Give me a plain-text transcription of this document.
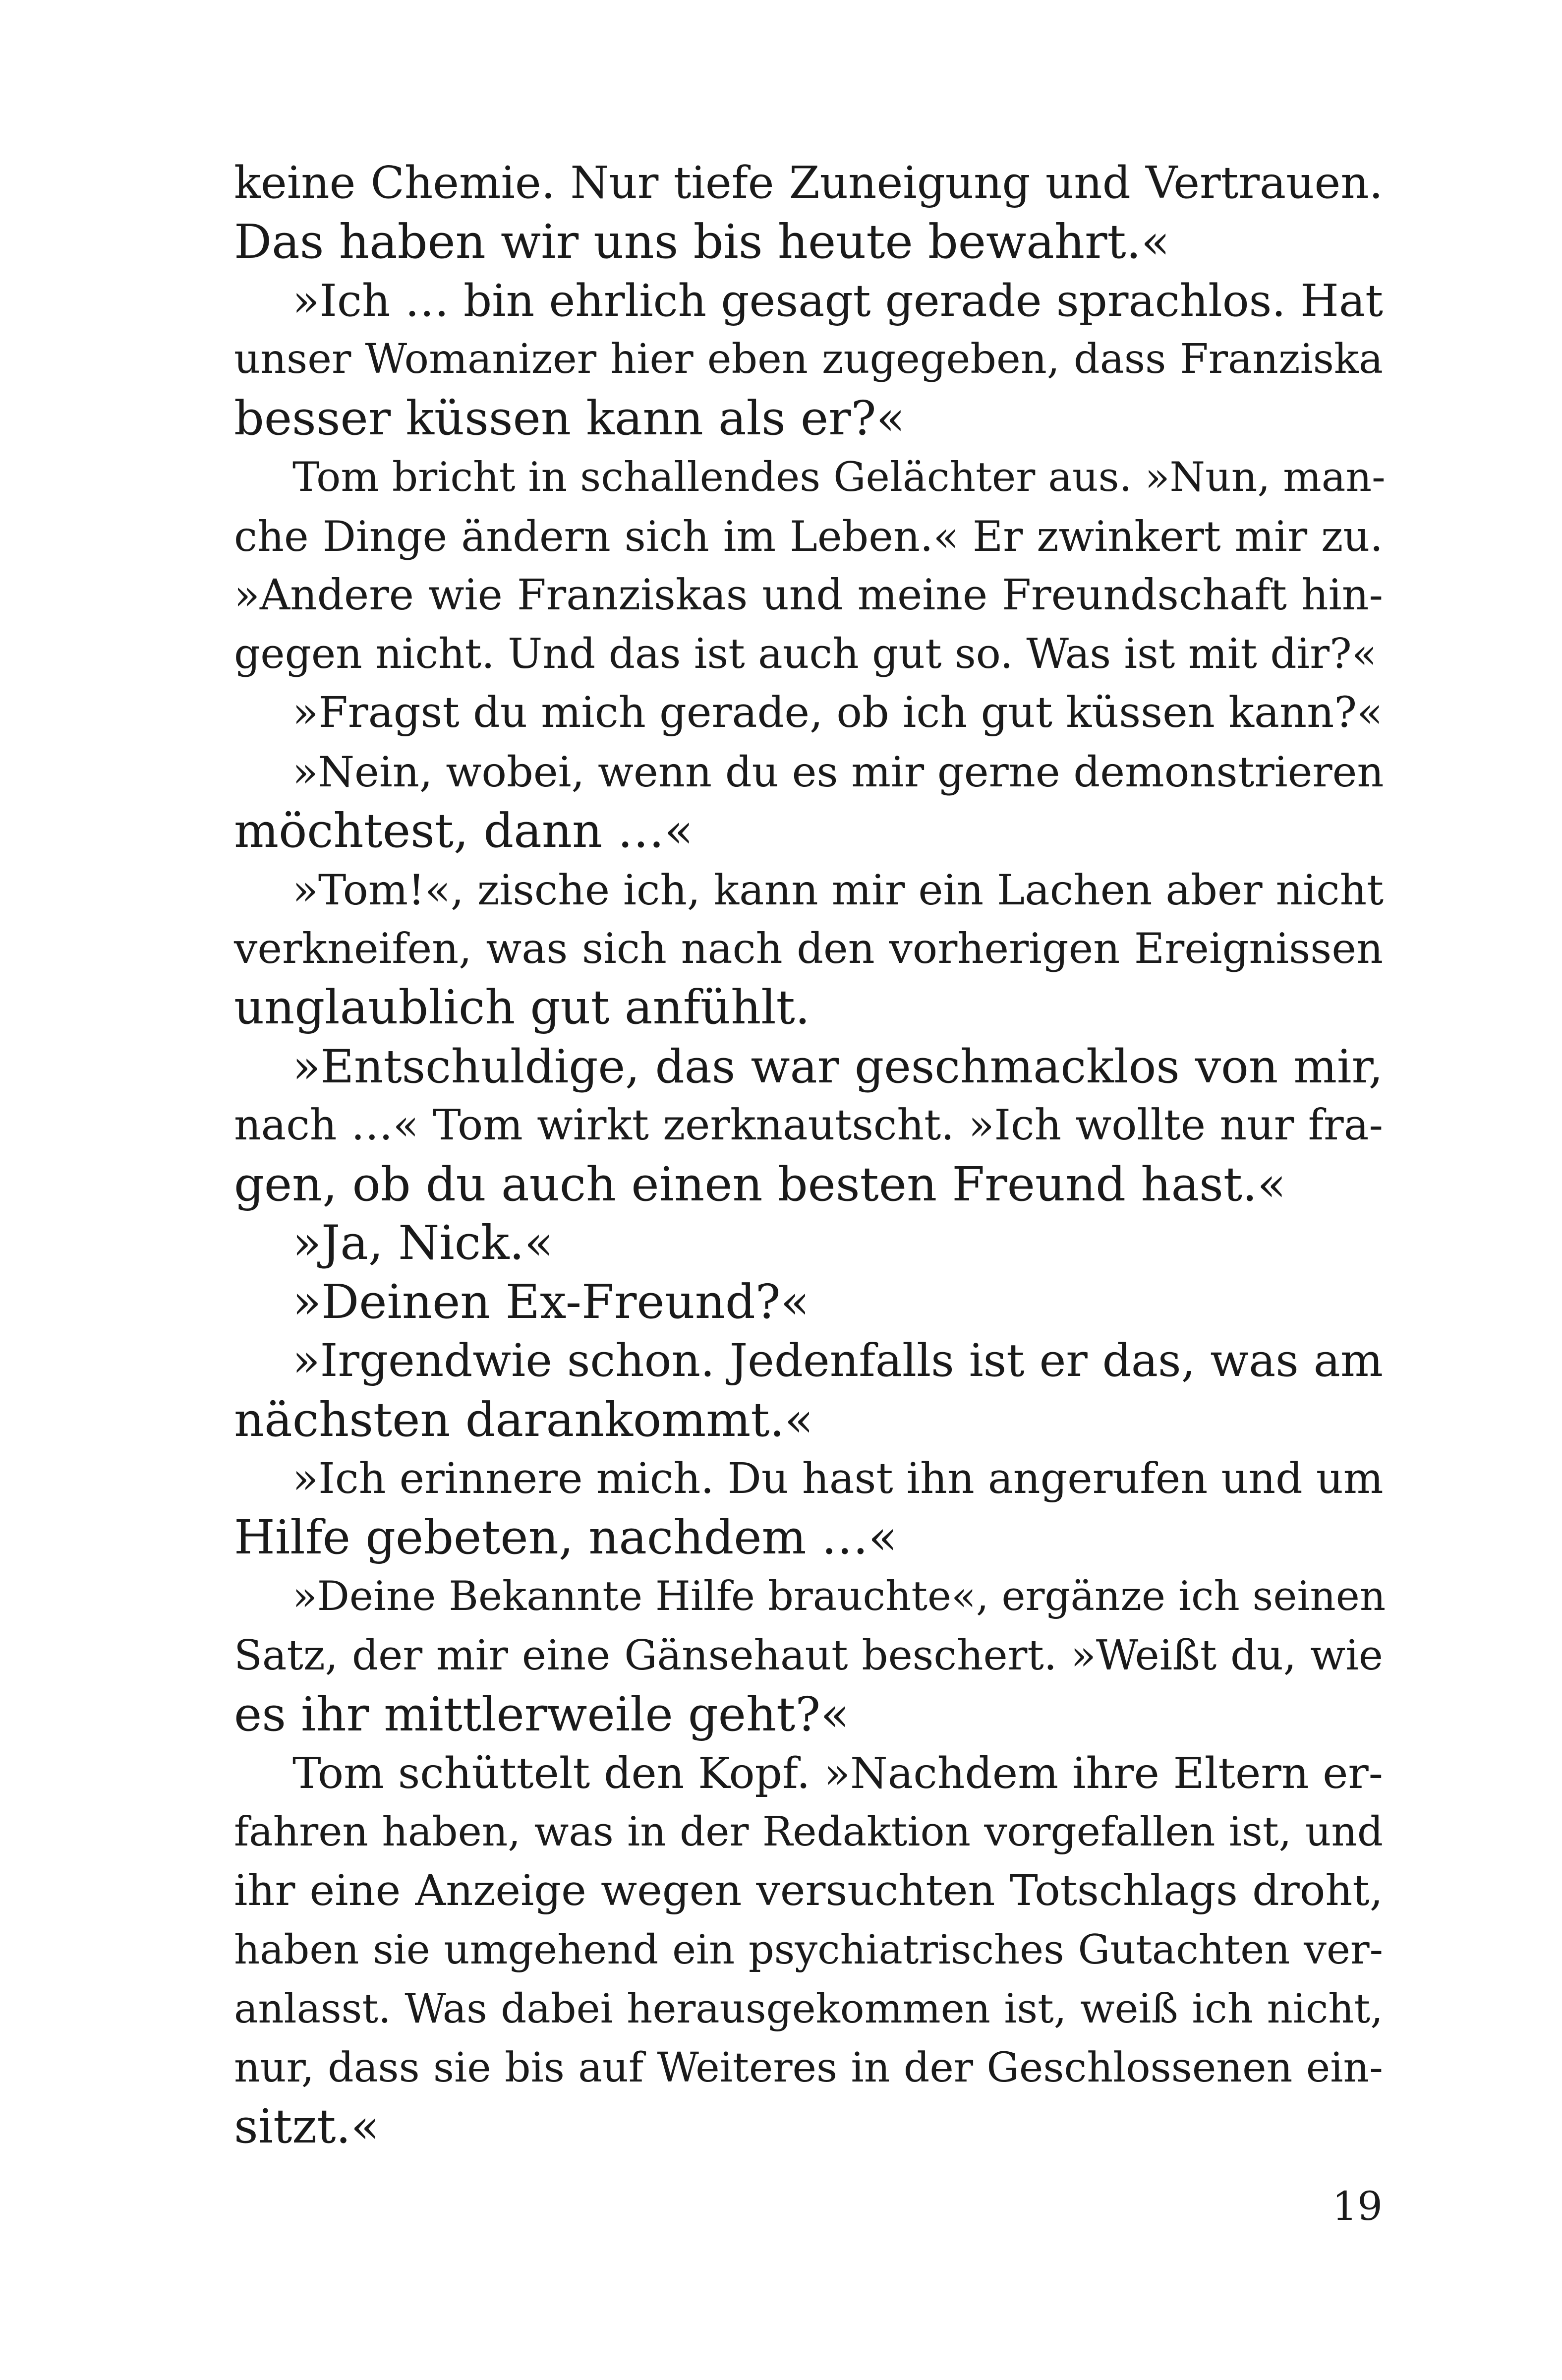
keine Chemie. Nur tiefe Zuneigung und Vertrauen.
Das haben wir uns bis heute bewahrt.«
»Ich … bin ehrlich gesagt gerade sprachlos. Hat
unser Womanizer hier eben zugegeben, dass Franziska
besser küssen kann als er?«
Tom bricht in schallendes Gelächter aus. »Nun, man-
che Dinge ändern sich im Leben.« Er zwinkert mir zu.
»Andere wie Franziskas und meine Freundschaft hin-
gegen nicht. Und das ist auch gut so. Was ist mit dir?«
»Fragst du mich gerade, ob ich gut küssen kann?«
»Nein, wobei, wenn du es mir gerne demonstrieren
möchtest, dann …«
»Tom!«, zische ich, kann mir ein Lachen aber nicht
verkneifen, was sich nach den vorherigen Ereignissen
unglaublich gut anfühlt.
»Entschuldige, das war geschmacklos von mir,
nach …« Tom wirkt zerknautscht. »Ich wollte nur fra-
gen, ob du auch einen besten Freund hast.«
»Ja, Nick.«
»Deinen Ex-Freund?«
»Irgendwie schon. Jedenfalls ist er das, was am
nächsten darankommt.«
»Ich erinnere mich. Du hast ihn angerufen und um
Hilfe gebeten, nachdem …«
»Deine Bekannte Hilfe brauchte«, ergänze ich seinen
Satz, der mir eine Gänsehaut beschert. »Weißt du, wie
es ihr mittlerweile geht?«
Tom schüttelt den Kopf. »Nachdem ihre Eltern er-
fahren haben, was in der Redaktion vorgefallen ist, und
ihr eine Anzeige wegen versuchten Totschlags droht,
haben sie umgehend ein psychiatrisches Gutachten ver-
anlasst. Was dabei herausgekommen ist, weiß ich nicht,
nur, dass sie bis auf Weiteres in der Geschlossenen ein-
sitzt.«
19
